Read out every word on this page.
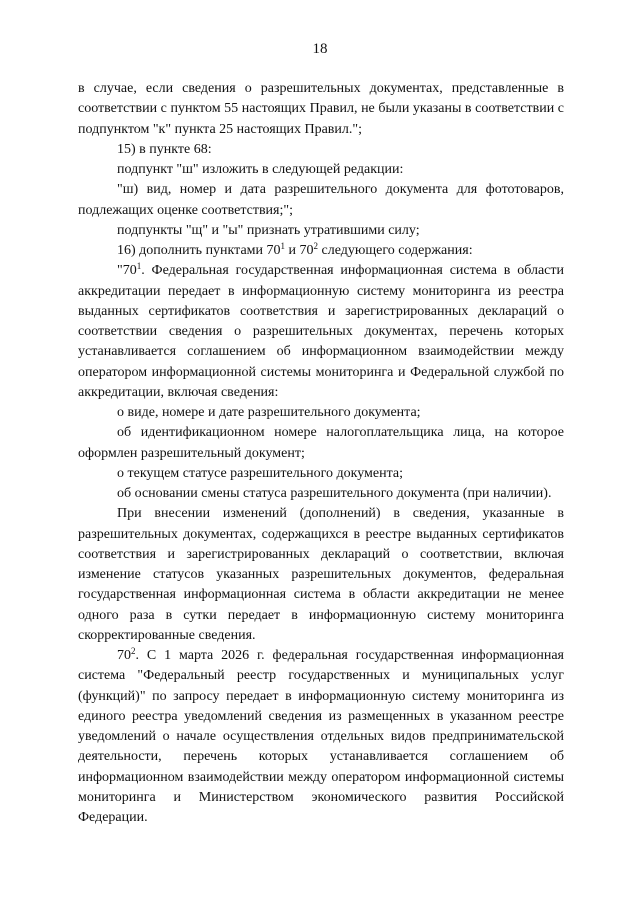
18

в случае, если сведения о разрешительных документах, представленные в соответствии с пунктом 55 настоящих Правил, не были указаны в соответствии с подпунктом "к" пункта 25 настоящих Правил.";

15) в пункте 68:

подпункт "ш" изложить в следующей редакции:

"ш) вид, номер и дата разрешительного документа для фототоваров, подлежащих оценке соответствия;";

подпункты "щ" и "ы" признать утратившими силу;

16) дополнить пунктами $70^1$ и $70^2$ следующего содержания:

"$70^1$. Федеральная государственная информационная система в области аккредитации передает в информационную систему мониторинга из реестра выданных сертификатов соответствия и зарегистрированных деклараций о соответствии сведения о разрешительных документах, перечень которых устанавливается соглашением об информационном взаимодействии между оператором информационной системы мониторинга и Федеральной службой по аккредитации, включая сведения:

о виде, номере и дате разрешительного документа;

об идентификационном номере налогоплательщика лица, на которое оформлен разрешительный документ;

о текущем статусе разрешительного документа;

об основании смены статуса разрешительного документа (при наличии).

При внесении изменений (дополнений) в сведения, указанные в разрешительных документах, содержащихся в реестре выданных сертификатов соответствия и зарегистрированных деклараций о соответствии, включая изменение статусов указанных разрешительных документов, федеральная государственная информационная система в области аккредитации не менее одного раза в сутки передает в информационную систему мониторинга скорректированные сведения.

$70^2$. С 1 марта 2026 г. федеральная государственная информационная система "Федеральный реестр государственных и муниципальных услуг (функций)" по запросу передает в информационную систему мониторинга из единого реестра уведомлений сведения из размещенных в указанном реестре уведомлений о начале осуществления отдельных видов предпринимательской деятельности, перечень которых устанавливается соглашением об информационном взаимодействии между оператором информационной системы мониторинга и Министерством экономического развития Российской Федерации.
